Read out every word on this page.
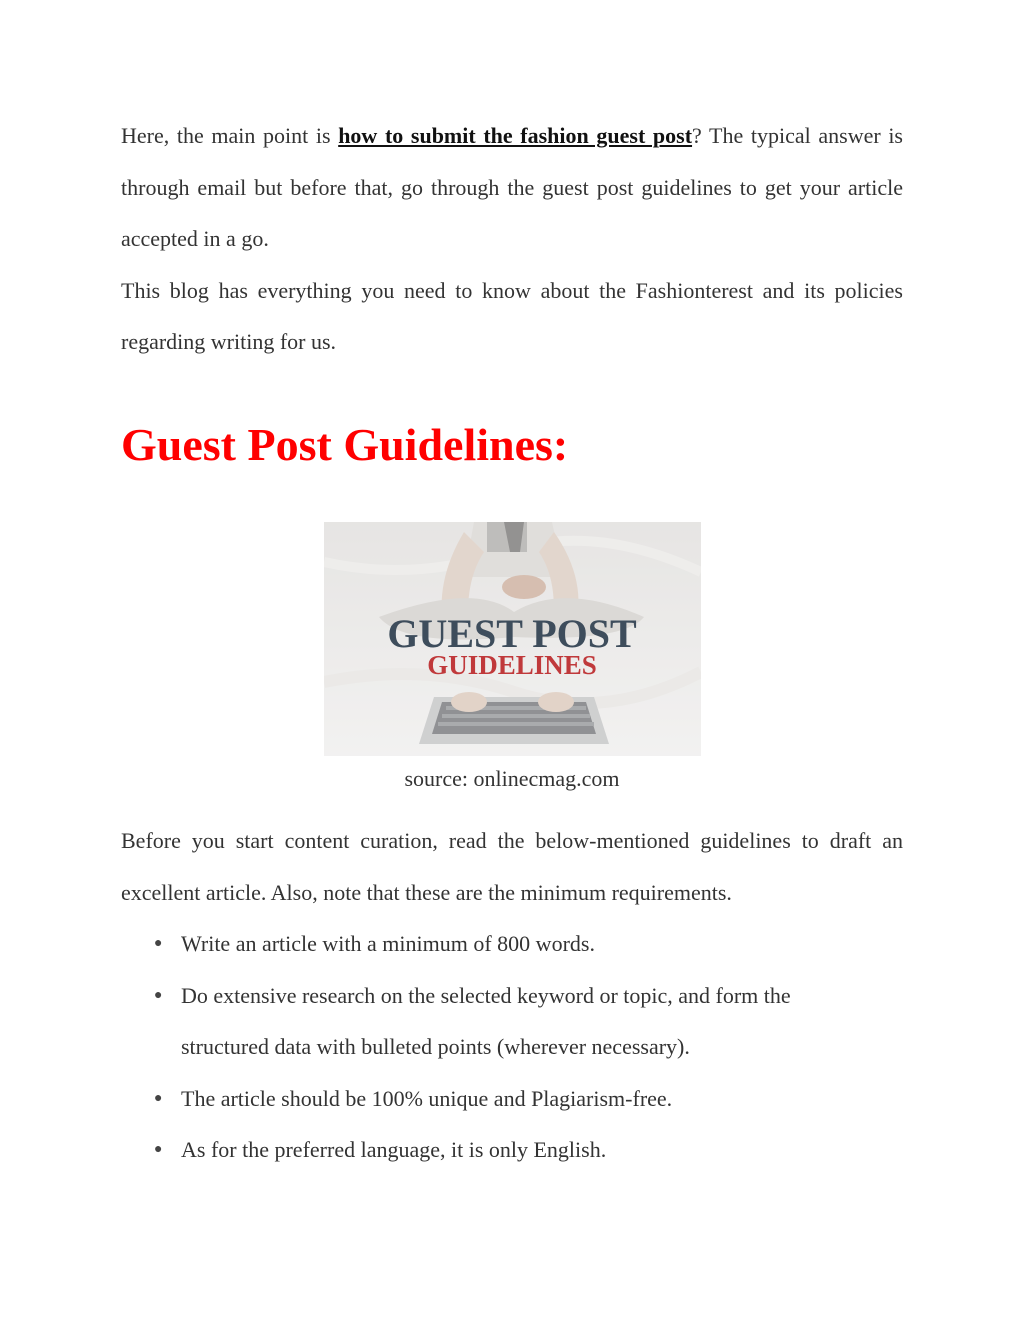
Here, the main point is how to submit the fashion guest post? The typical answer is through email but before that, go through the guest post guidelines to get your article accepted in a go.

This blog has everything you need to know about the Fashionterest and its policies regarding writing for us.

Guest Post Guidelines:
GUEST POST
GUIDELINES
source: onlinecmag.com

Before you start content curation, read the below-mentioned guidelines to draft an excellent article. Also, note that these are the minimum requirements.

● Write an article with a minimum of 800 words.
● Do extensive research on the selected keyword or topic, and form the structured data with bulleted points (wherever necessary).
● The article should be 100% unique and Plagiarism-free.
● As for the preferred language, it is only English.
